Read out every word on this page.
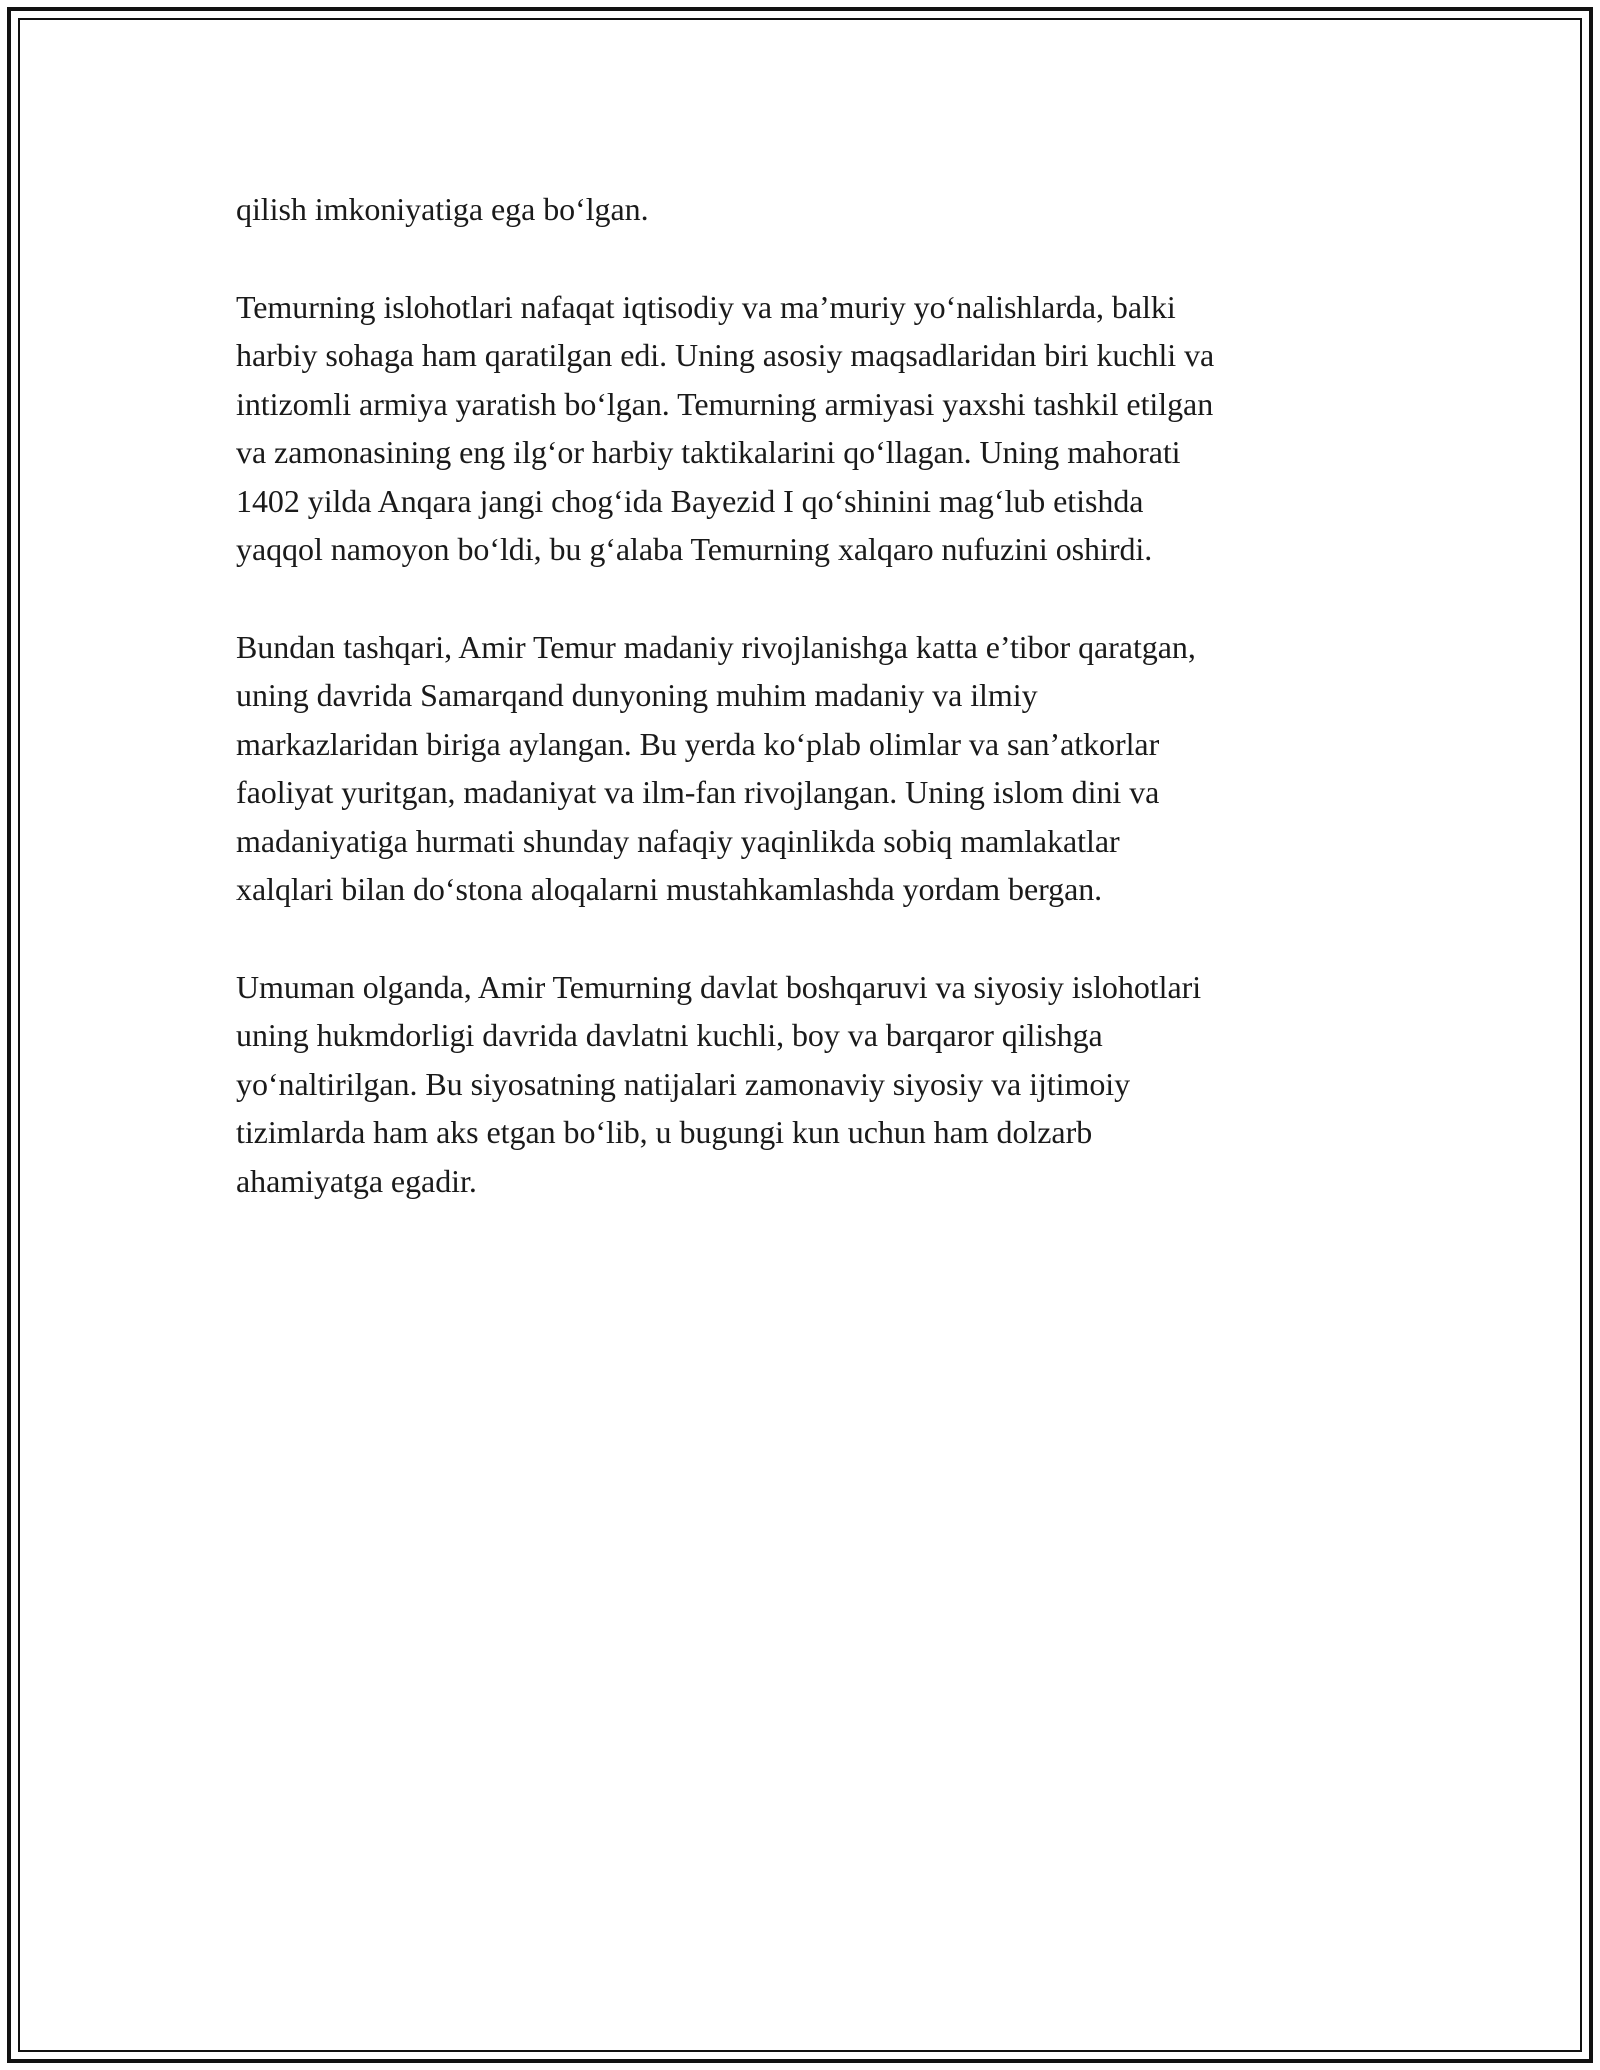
qilish imkoniyatiga ega bo‘lgan.

Temurning islohotlari nafaqat iqtisodiy va ma’muriy yo‘nalishlarda, balki
harbiy sohaga ham qaratilgan edi. Uning asosiy maqsadlaridan biri kuchli va
intizomli armiya yaratish bo‘lgan. Temurning armiyasi yaxshi tashkil etilgan
va zamonasining eng ilg‘or harbiy taktikalarini qo‘llagan. Uning mahorati
1402 yilda Anqara jangi chog‘ida Bayezid I qo‘shinini mag‘lub etishda
yaqqol namoyon bo‘ldi, bu g‘alaba Temurning xalqaro nufuzini oshirdi.

Bundan tashqari, Amir Temur madaniy rivojlanishga katta e’tibor qaratgan,
uning davrida Samarqand dunyoning muhim madaniy va ilmiy
markazlaridan biriga aylangan. Bu yerda ko‘plab olimlar va san’atkorlar
faoliyat yuritgan, madaniyat va ilm-fan rivojlangan. Uning islom dini va
madaniyatiga hurmati shunday nafaqiy yaqinlikda sobiq mamlakatlar
xalqlari bilan do‘stona aloqalarni mustahkamlashda yordam bergan.

Umuman olganda, Amir Temurning davlat boshqaruvi va siyosiy islohotlari
uning hukmdorligi davrida davlatni kuchli, boy va barqaror qilishga
yo‘naltirilgan. Bu siyosatning natijalari zamonaviy siyosiy va ijtimoiy
tizimlarda ham aks etgan bo‘lib, u bugungi kun uchun ham dolzarb
ahamiyatga egadir.
